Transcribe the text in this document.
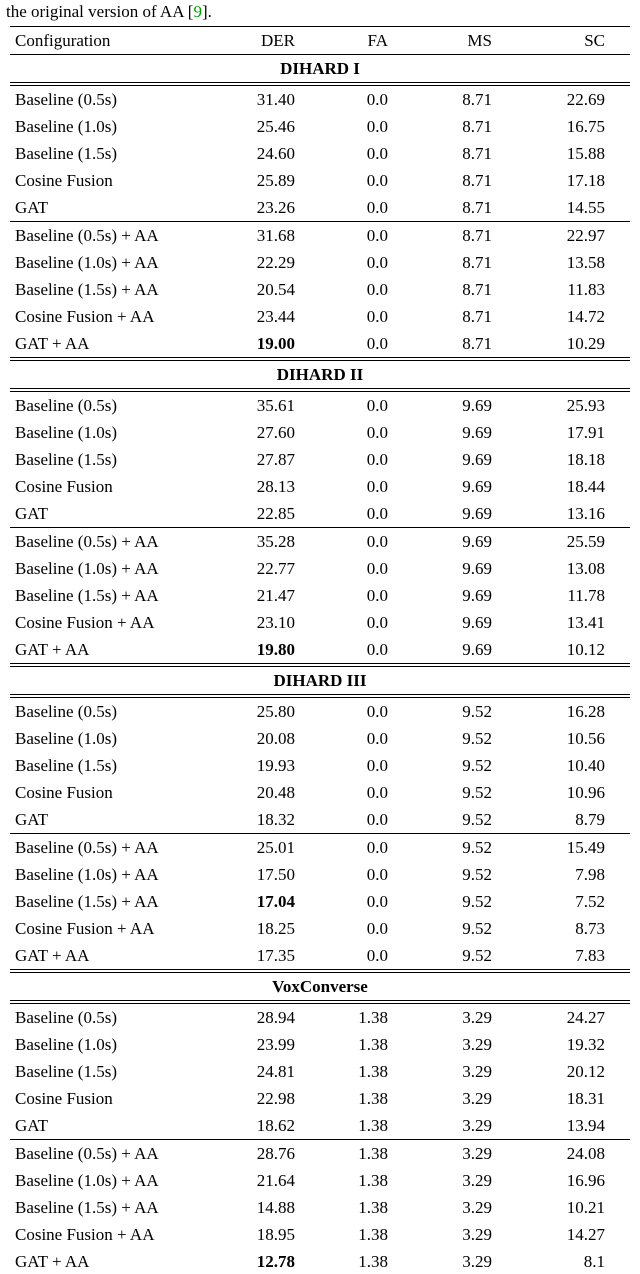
the original version of AA [9].

Configuration	DER	FA	MS	SC
DIHARD I				
Baseline (0.5s)	31.40	0.0	8.71	22.69
Baseline (1.0s)	25.46	0.0	8.71	16.75
Baseline (1.5s)	24.60	0.0	8.71	15.88
Cosine Fusion	25.89	0.0	8.71	17.18
GAT	23.26	0.0	8.71	14.55
Baseline (0.5s) + AA	31.68	0.0	8.71	22.97
Baseline (1.0s) + AA	22.29	0.0	8.71	13.58
Baseline (1.5s) + AA	20.54	0.0	8.71	11.83
Cosine Fusion + AA	23.44	0.0	8.71	14.72
GAT + AA	19.00	0.0	8.71	10.29
DIHARD II				
Baseline (0.5s)	35.61	0.0	9.69	25.93
Baseline (1.0s)	27.60	0.0	9.69	17.91
Baseline (1.5s)	27.87	0.0	9.69	18.18
Cosine Fusion	28.13	0.0	9.69	18.44
GAT	22.85	0.0	9.69	13.16
Baseline (0.5s) + AA	35.28	0.0	9.69	25.59
Baseline (1.0s) + AA	22.77	0.0	9.69	13.08
Baseline (1.5s) + AA	21.47	0.0	9.69	11.78
Cosine Fusion + AA	23.10	0.0	9.69	13.41
GAT + AA	19.80	0.0	9.69	10.12
DIHARD III				
Baseline (0.5s)	25.80	0.0	9.52	16.28
Baseline (1.0s)	20.08	0.0	9.52	10.56
Baseline (1.5s)	19.93	0.0	9.52	10.40
Cosine Fusion	20.48	0.0	9.52	10.96
GAT	18.32	0.0	9.52	8.79
Baseline (0.5s) + AA	25.01	0.0	9.52	15.49
Baseline (1.0s) + AA	17.50	0.0	9.52	7.98
Baseline (1.5s) + AA	17.04	0.0	9.52	7.52
Cosine Fusion + AA	18.25	0.0	9.52	8.73
GAT + AA	17.35	0.0	9.52	7.83
VoxConverse				
Baseline (0.5s)	28.94	1.38	3.29	24.27
Baseline (1.0s)	23.99	1.38	3.29	19.32
Baseline (1.5s)	24.81	1.38	3.29	20.12
Cosine Fusion	22.98	1.38	3.29	18.31
GAT	18.62	1.38	3.29	13.94
Baseline (0.5s) + AA	28.76	1.38	3.29	24.08
Baseline (1.0s) + AA	21.64	1.38	3.29	16.96
Baseline (1.5s) + AA	14.88	1.38	3.29	10.21
Cosine Fusion + AA	18.95	1.38	3.29	14.27
GAT + AA	12.78	1.38	3.29	8.1
